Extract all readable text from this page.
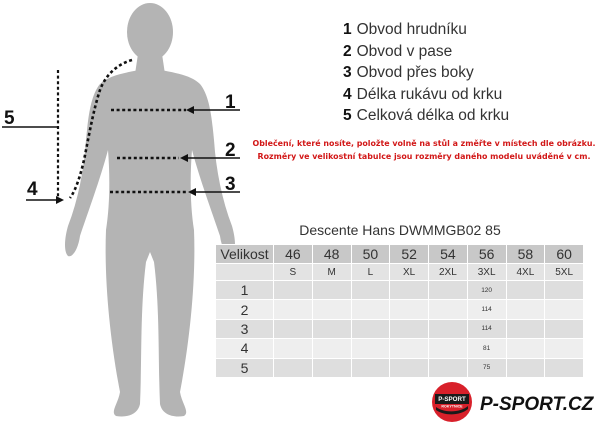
1
2
3
4
5
1 Obvod hrudníku
2 Obvod v pase
3 Obvod přes boky
4 Délka rukávu od krku
5 Celková délka od krku
Oblečení, které nosíte, položte volně na stůl a změřte v místech dle obrázku.
Rozměry ve velikostní tabulce jsou rozměry daného modelu uváděné v cm.
Descente Hans DWMMGB02 85
Velikost	46	48	50	52	54	56	58	60
	S	M	L	XL	2XL	3XL	4XL	5XL
1						120		
2						114		
3						114		
4						81		
5						75		
P-SPORT
ROKYTNICE P-SPORT.CZ
